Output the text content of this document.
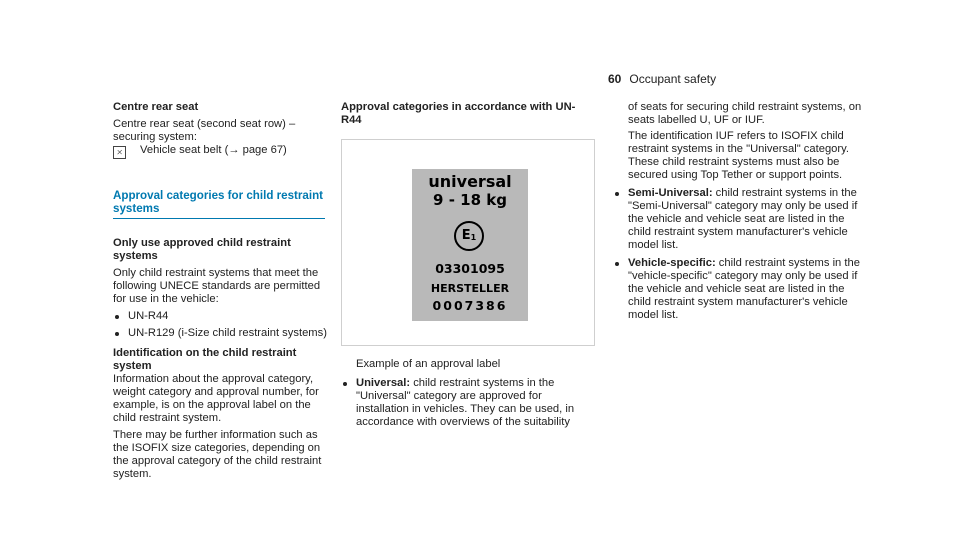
60 Occupant safety

Centre rear seat

Centre rear seat (second seat row) – securing system:

🞩 Vehicle seat belt (→ page 67)

Approval categories for child restraint systems

Only use approved child restraint systems

Only child restraint systems that meet the following UNECE standards are permitted for use in the vehicle:

UN-R44
UN-R129 (i-Size child restraint systems)

Identification on the child restraint system

Information about the approval category, weight category and approval number, for example, is on the approval label on the child restraint system.

There may be further information such as the ISOFIX size categories, depending on the approval category of the child restraint system.

Approval categories in accordance with UN-R44

universal
9 - 18 kg
$E_1$
03301095
HERSTELLER
0007386

Example of an approval label

Universal: child restraint systems in the "Universal" category are approved for installation in vehicles. They can be used, in accordance with overviews of the suitability

of seats for securing child restraint systems, on seats labelled U, UF or IUF.

The identification IUF refers to ISOFIX child restraint systems in the "Universal" category. These child restraint systems must also be secured using Top Tether or support points.

Semi-Universal: child restraint systems in the "Semi-Universal" category may only be used if the vehicle and vehicle seat are listed in the child restraint system manufacturer's vehicle model list.
Vehicle-specific: child restraint systems in the "vehicle-specific" category may only be used if the vehicle and vehicle seat are listed in the child restraint system manufacturer's vehicle model list.
